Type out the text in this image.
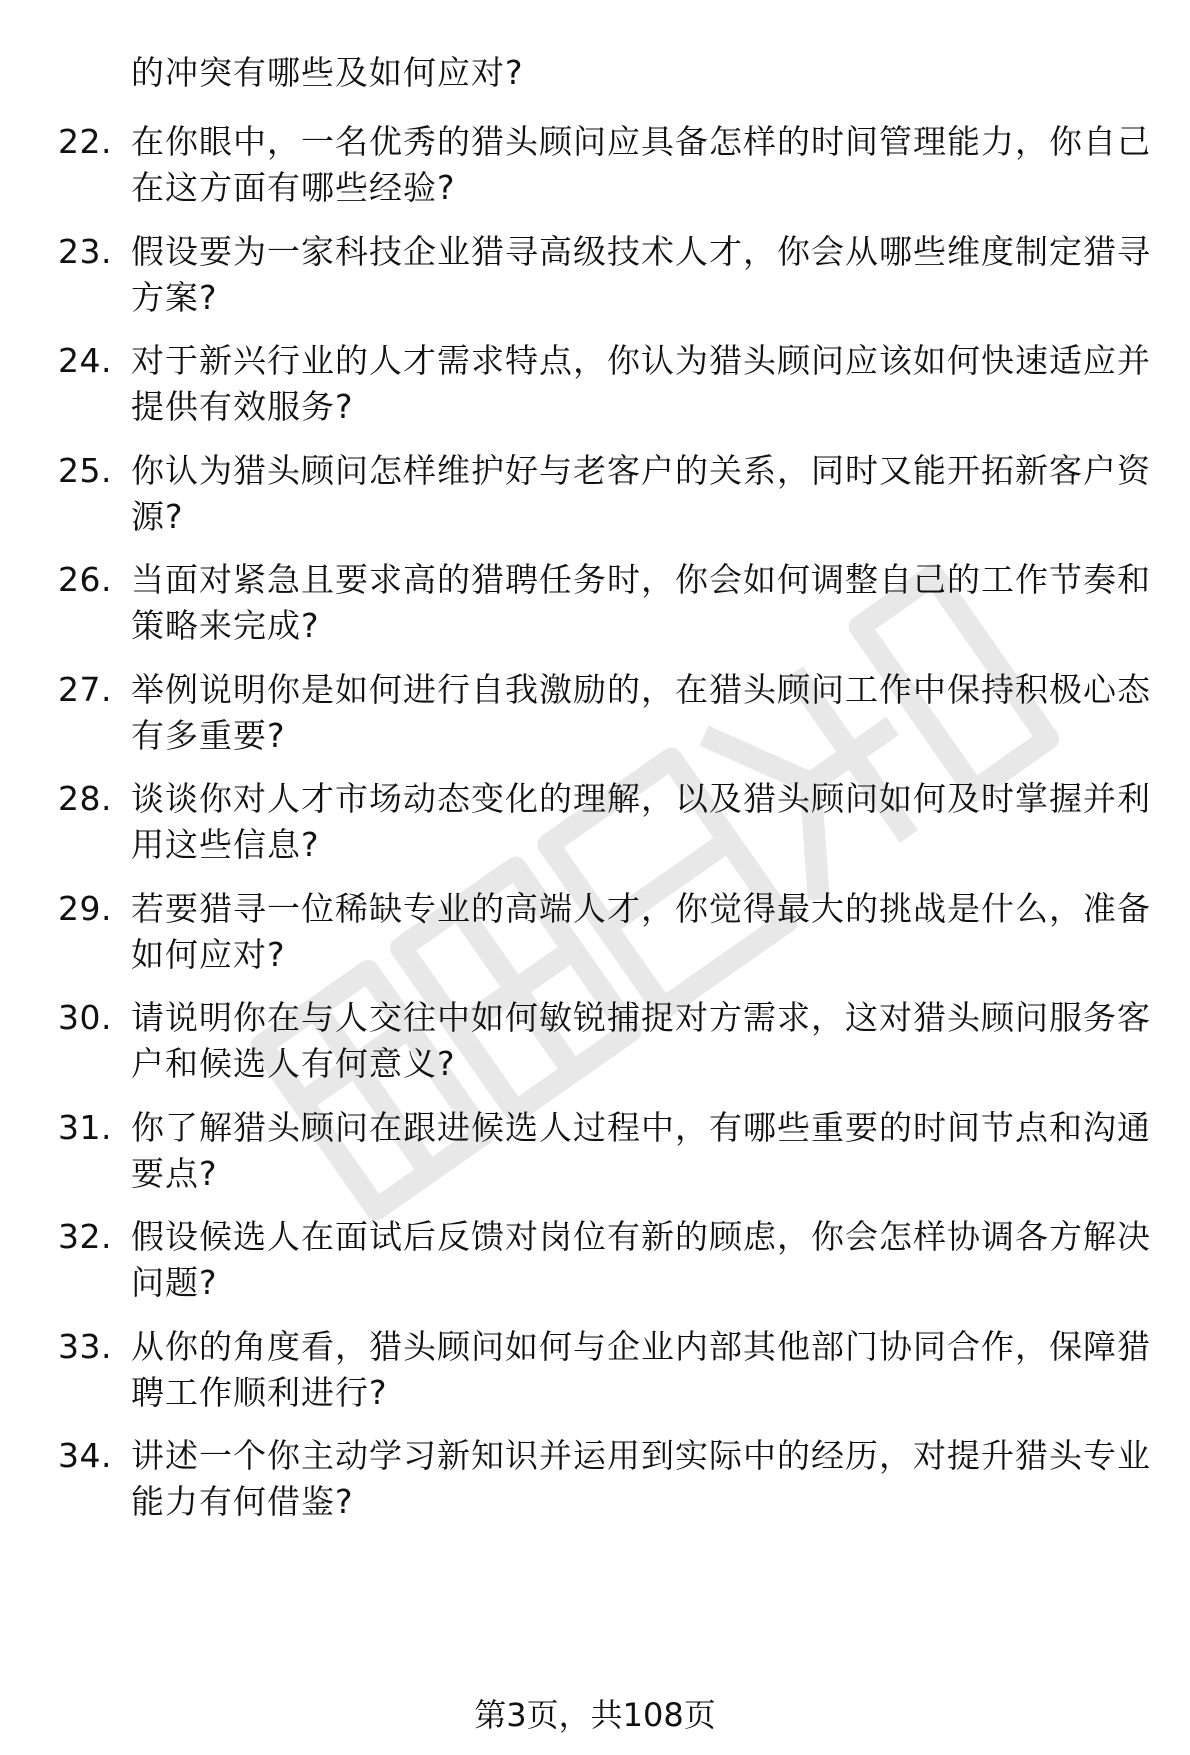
的冲突有哪些及如何应对?
22. 在你眼中，一名优秀的猎头顾问应具备怎样的时间管理能力，你自己在这方面有哪些经验?
23. 假设要为一家科技企业猎寻高级技术人才，你会从哪些维度制定猎寻方案?
24. 对于新兴行业的人才需求特点，你认为猎头顾问应该如何快速适应并提供有效服务?
25. 你认为猎头顾问怎样维护好与老客户的关系，同时又能开拓新客户资源?
26. 当面对紧急且要求高的猎聘任务时，你会如何调整自己的工作节奏和策略来完成?
27. 举例说明你是如何进行自我激励的，在猎头顾问工作中保持积极心态有多重要?
28. 谈谈你对人才市场动态变化的理解，以及猎头顾问如何及时掌握并利用这些信息?
29. 若要猎寻一位稀缺专业的高端人才，你觉得最大的挑战是什么，准备如何应对?
30. 请说明你在与人交往中如何敏锐捕捉对方需求，这对猎头顾问服务客户和候选人有何意义?
31. 你了解猎头顾问在跟进候选人过程中，有哪些重要的时间节点和沟通要点?
32. 假设候选人在面试后反馈对岗位有新的顾虑，你会怎样协调各方解决问题?
33. 从你的角度看，猎头顾问如何与企业内部其他部门协同合作，保障猎聘工作顺利进行?
34. 讲述一个你主动学习新知识并运用到实际中的经历，对提升猎头专业能力有何借鉴?
第3页，共108页
